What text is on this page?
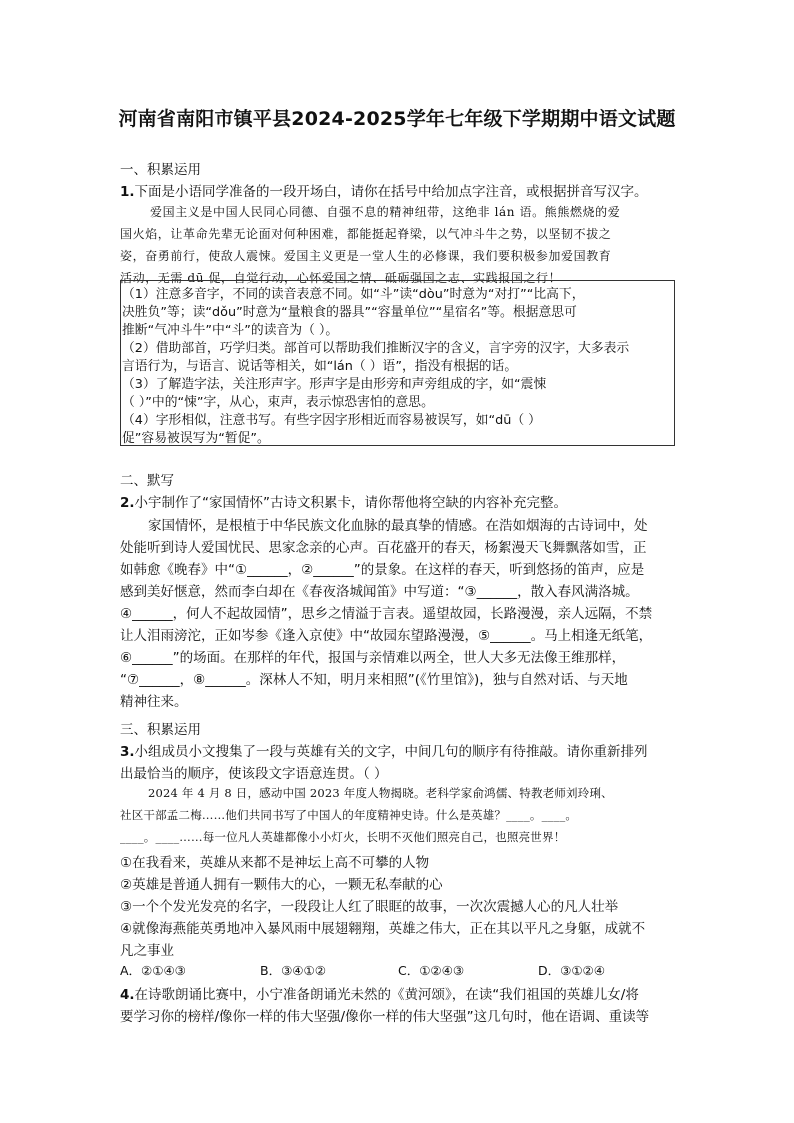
河南省南阳市镇平县2024-2025学年七年级下学期期中语文试题
一、积累运用
1.下面是小语同学准备的一段开场白，请你在括号中给加点字注音，或根据拼音写汉字。
爱国主义是中国人民同心同德、自强不息的精神纽带，这绝非 lán 语。熊熊燃烧的爱
国火焰，让革命先辈无论面对何种困难，都能挺起脊梁，以气冲斗牛之势，以坚韧不拔之
姿，奋勇前行，使敌人震悚。爱国主义更是一堂人生的必修课，我们要积极参加爱国教育
活动，无需 dū 促，自觉行动，心怀爱国之情、砥砺强国之志、实践报国之行！
（1）注意多音字，不同的读音表意不同。如“斗”读“dòu”时意为“对打”“比高下，
决胜负”等；读“dǒu”时意为“量粮食的器具”“容量单位”“星宿名”等。根据意思可
推断“气冲斗牛”中“斗”的读音为（ ）。
（2）借助部首，巧学归类。部首可以帮助我们推断汉字的含义，言字旁的汉字，大多表示
言语行为，与语言、说话等相关，如“lán（ ）语”，指没有根据的话。
（3）了解造字法，关注形声字。形声字是由形旁和声旁组成的字，如“震悚
（ ）”中的“悚”字，从心，束声，表示惊恐害怕的意思。
（4）字形相似，注意书写。有些字因字形相近而容易被误写，如“dū（ ）
促”容易被误写为“暂促”。
二、默写
2.小宇制作了“家国情怀”古诗文积累卡，请你帮他将空缺的内容补充完整。
家国情怀，是根植于中华民族文化血脉的最真挚的情感。在浩如烟海的古诗词中，处
处能听到诗人爱国忧民、思家念亲的心声。百花盛开的春天，杨絮漫天飞舞飘落如雪，正
如韩愈《晚春》中“①______，②______”的景象。在这样的春天，听到悠扬的笛声，应是
感到美好惬意，然而李白却在《春夜洛城闻笛》中写道：“③______，散入春风满洛城。
④______，何人不起故园情”，思乡之情溢于言表。遥望故园，长路漫漫，亲人远隔，不禁
让人泪雨滂沱，正如岑参《逢入京使》中“故园东望路漫漫，⑤______。马上相逢无纸笔，
⑥______”的场面。在那样的年代，报国与亲情难以两全，世人大多无法像王维那样，
“⑦______，⑧______。深林人不知，明月来相照”(《竹里馆》)，独与自然对话、与天地
精神往来。
三、积累运用
3.小组成员小文搜集了一段与英雄有关的文字，中间几句的顺序有待推敲。请你重新排列
出最恰当的顺序，使该段文字语意连贯。（ ）
2024 年 4 月 8 日，感动中国 2023 年度人物揭晓。老科学家俞鸿儒、特教老师刘玲琍、
社区干部孟二梅……他们共同书写了中国人的年度精神史诗。什么是英雄？____。____。
____。____……每一位凡人英雄都像小小灯火，长明不灭他们照亮自己，也照亮世界！
①在我看来，英雄从来都不是神坛上高不可攀的人物
②英雄是普通人拥有一颗伟大的心，一颗无私奉献的心
③一个个发光发亮的名字，一段段让人红了眼眶的故事，一次次震撼人心的凡人壮举
④就像海燕能英勇地冲入暴风雨中展翅翱翔，英雄之伟大，正在其以平凡之身躯，成就不
凡之事业
A．②①④③	B．③④①②	C．①②④③	D．③①②④
4.在诗歌朗诵比赛中，小宁准备朗诵光未然的《黄河颂》，在读“我们祖国的英雄儿女/将
要学习你的榜样/像你一样的伟大坚强/像你一样的伟大坚强”这几句时，他在语调、重读等
